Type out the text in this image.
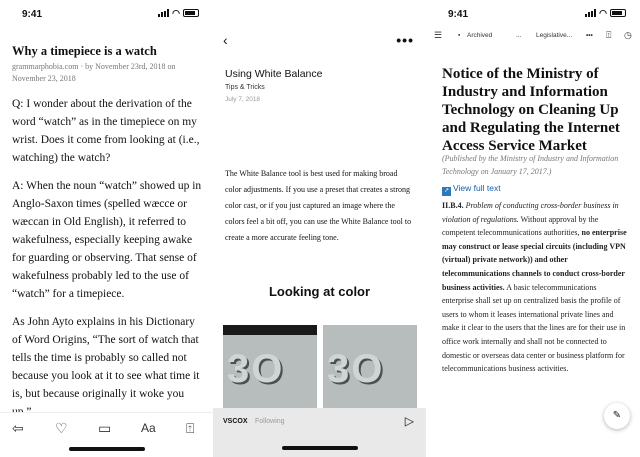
9:41	◠
Why a timepiece is a watch
grammarphobia.com · by November 23rd, 2018 on November 23, 2018

Q: I wonder about the derivation of the word “watch” as in the timepiece on my wrist. Does it come from looking at (i.e., watching) the watch?

A: When the noun “watch” showed up in Anglo-Saxon times (spelled wæcce or wæccan in Old English), it referred to wakefulness, especially keeping awake for guarding or observing. That sense of wakefulness probably led to the use of “watch” for a timepiece.

As John Ayto explains in his Dictionary of Word Origins, “The sort of watch that tells the time is probably so called not because you look at it to see what time it is, but because originally it woke you

⇦ ♡ ▭ Aa ⍐
‹	•••
Using White Balance
Tips & Tricks
July 7, 2018
The White Balance tool is best used for making broad color adjustments. If you use a preset that creates a strong color cast, or if you just captured an image where the colors feel a bit off, you can use the White Balance tool to create a more accurate feeling tone.
Looking at color
3O 3O
VSCOX Following	▷
9:41	◠
☰ ▪ Archived	... Legislative... ••• ⍐ ◷
Notice of the Ministry of Industry and Information Technology on Cleaning Up and Regulating the Internet Access Service Market
(Published by the Ministry of Industry and Information Technology on January 17, 2017.)
↗ View full text
II.B.4. Problem of conducting cross-border business in violation of regulations. Without approval by the competent telecommunications authorities, no enterprise may construct or lease special circuits (including VPN (virtual) private network)) and other telecommunications channels to conduct cross-border business activities. A basic telecommunications enterprise shall set up on centralized basis the profile of users to whom it leases international private lines and make it clear to the users that the lines are for their use in office work internally and shall not be connected to domestic or overseas data center or business platform for telecommunications business activities.
✎
